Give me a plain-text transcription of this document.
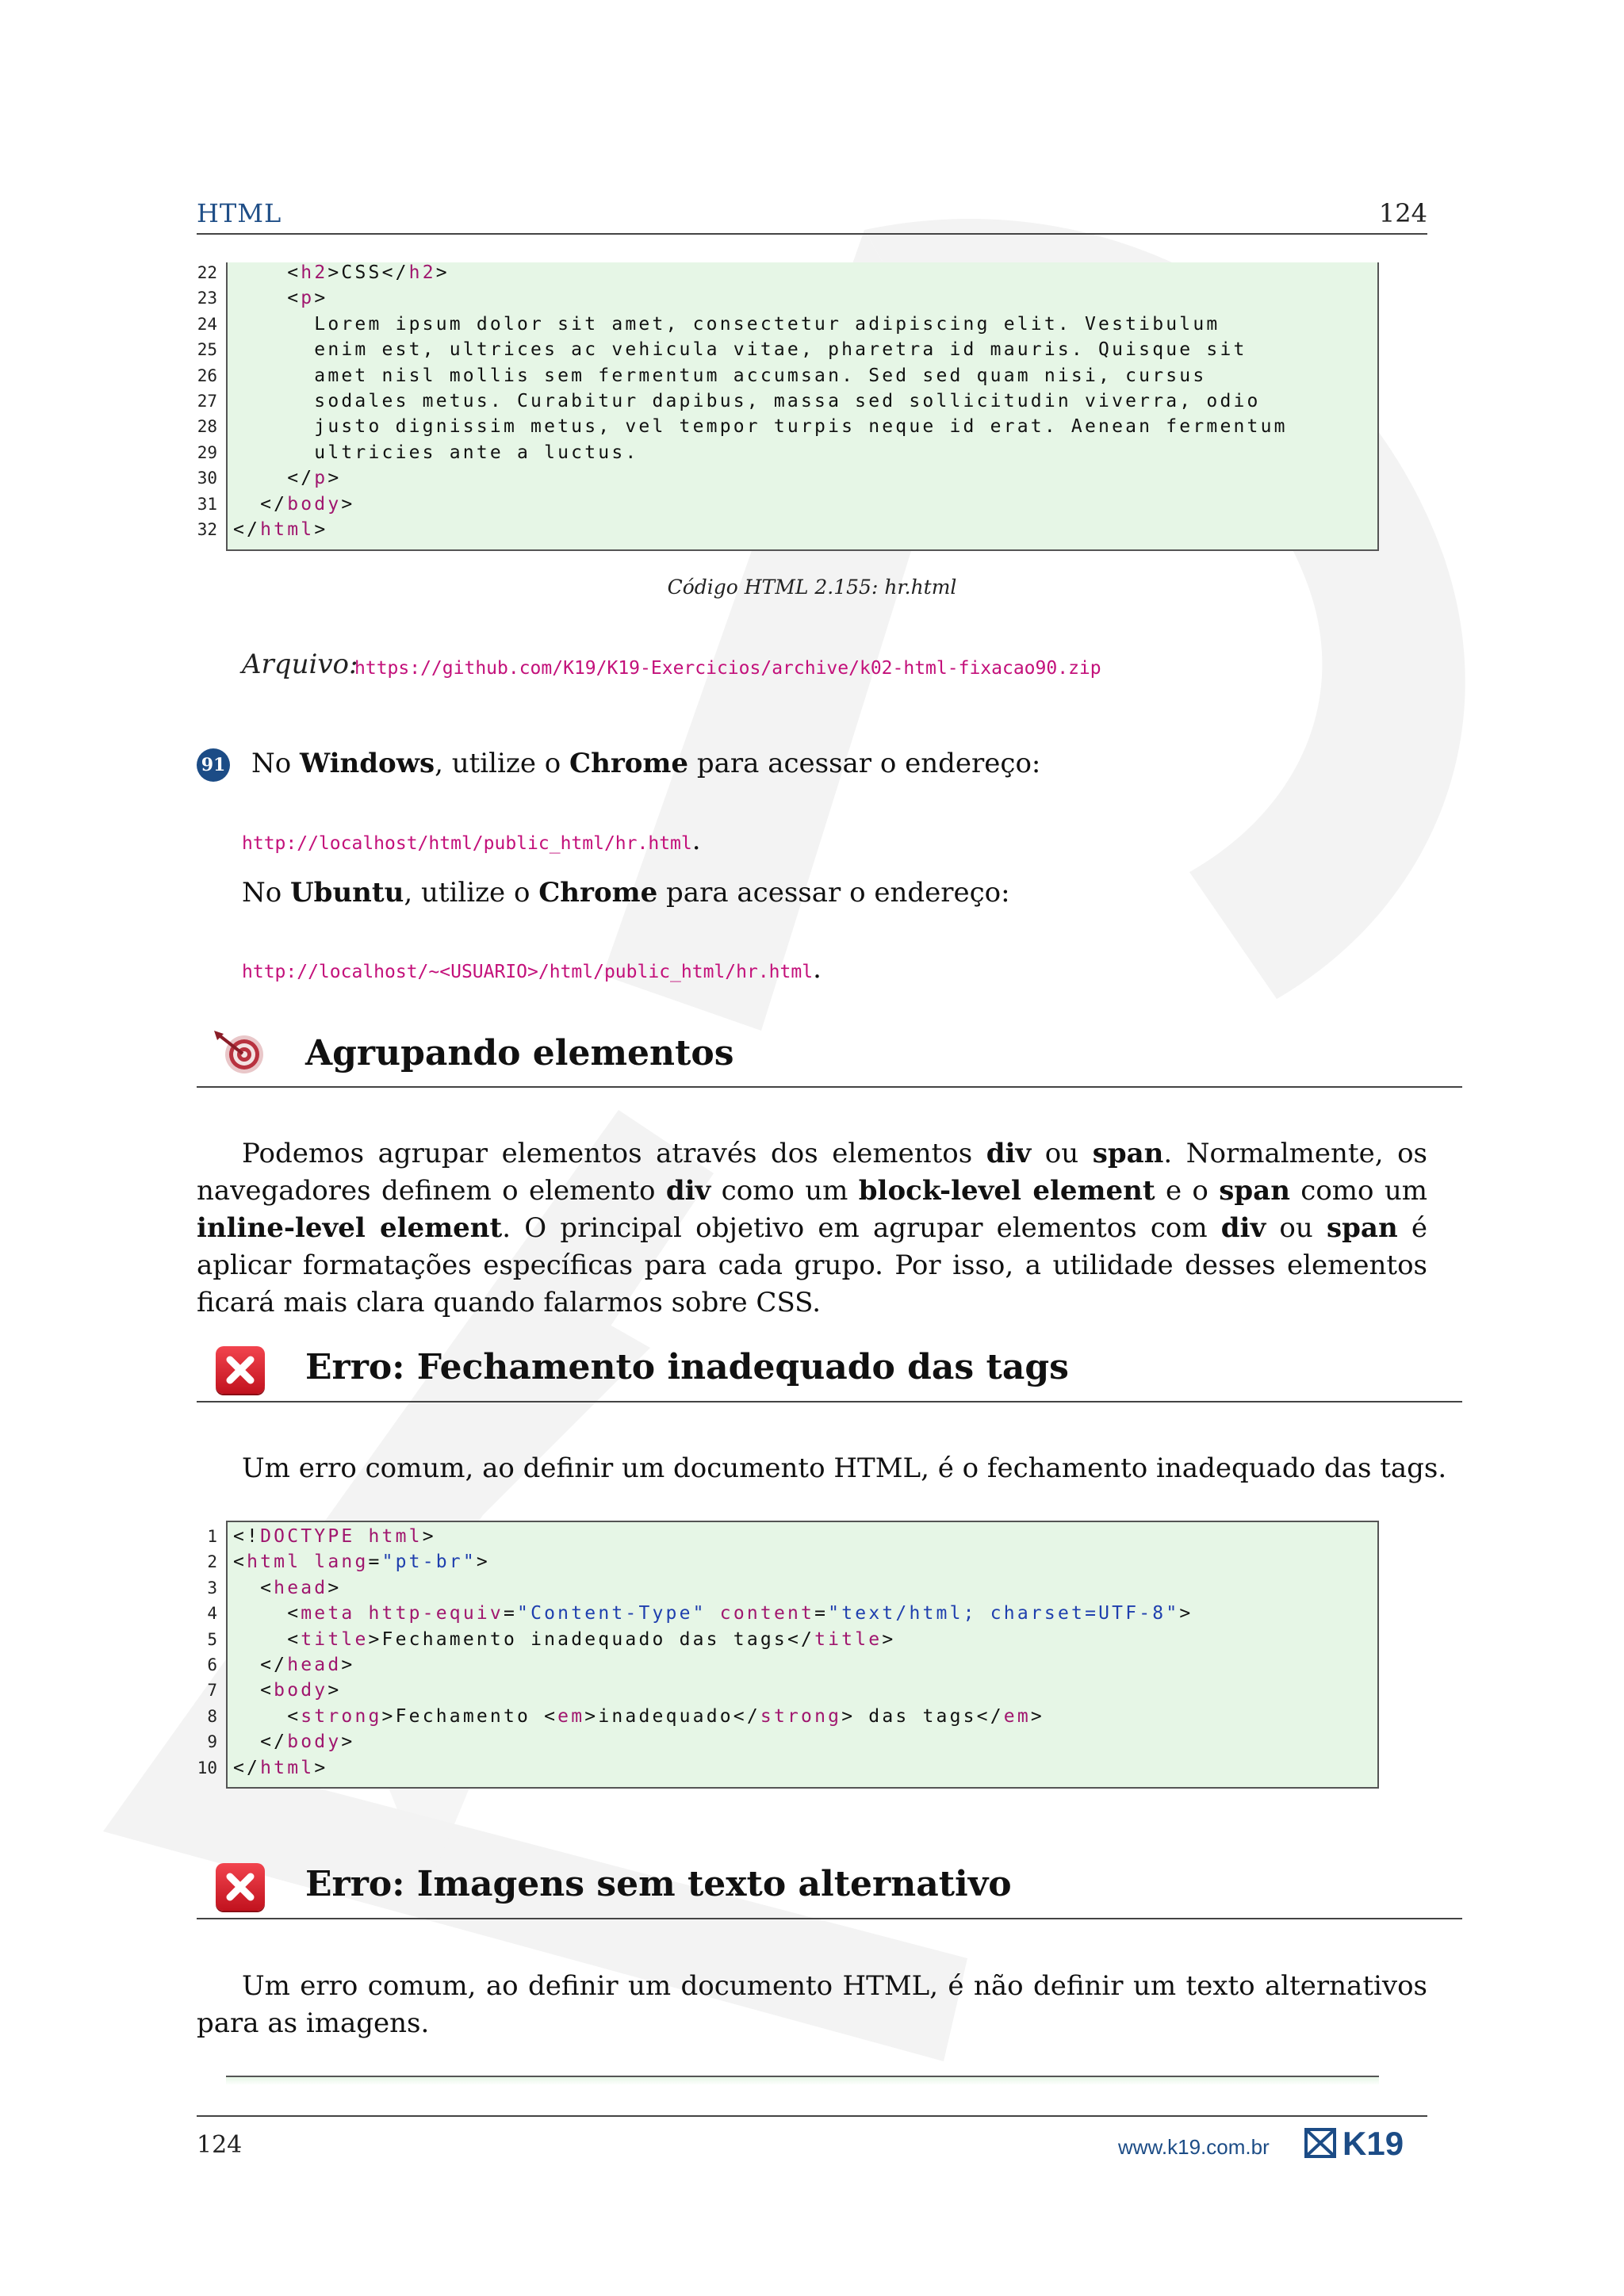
HTML	124
22
23
24
25
26
27
28
29
30
31
32
<h2>CSS</h2>
<p>
Lorem ipsum dolor sit amet, consectetur adipiscing elit. Vestibulum
enim est, ultrices ac vehicula vitae, pharetra id mauris. Quisque sit
amet nisl mollis sem fermentum accumsan. Sed sed quam nisi, cursus
sodales metus. Curabitur dapibus, massa sed sollicitudin viverra, odio
justo dignissim metus, vel tempor turpis neque id erat. Aenean fermentum
ultricies ante a luctus.
</p>
</body>
</html>
Código HTML 2.155: hr.html
Arquivo:
https://github.com/K19/K19-Exercicios/archive/k02-html-fixacao90.zip
91 No Windows, utilize o Chrome para acessar o endereço:
http://localhost/html/public_html/hr.html.
No Ubuntu, utilize o Chrome para acessar o endereço:
http://localhost/~<USUARIO>/html/public_html/hr.html.
Agrupando elementos
Podemos agrupar elementos através dos elementos div ou span. Normalmente, os navegadores definem o elemento div como um block-level element e o span como um inline-level element. O principal objetivo em agrupar elementos com div ou span é aplicar formatações específicas para cada grupo. Por isso, a utilidade desses elementos ficará mais clara quando falarmos sobre CSS.
Erro: Fechamento inadequado das tags
Um erro comum, ao definir um documento HTML, é o fechamento inadequado das tags.
1
2
3
4
5
6
7
8
9
10
<!DOCTYPE html>
<html lang="pt-br">
<head>
<meta http-equiv="Content-Type" content="text/html; charset=UTF-8">
<title>Fechamento inadequado das tags</title>
</head>
<body>
<strong>Fechamento <em>inadequado</strong> das tags</em>
</body>
</html>
Erro: Imagens sem texto alternativo
Um erro comum, ao definir um documento HTML, é não definir um texto alternativos para as imagens.
124	www.k19.com.br K19
